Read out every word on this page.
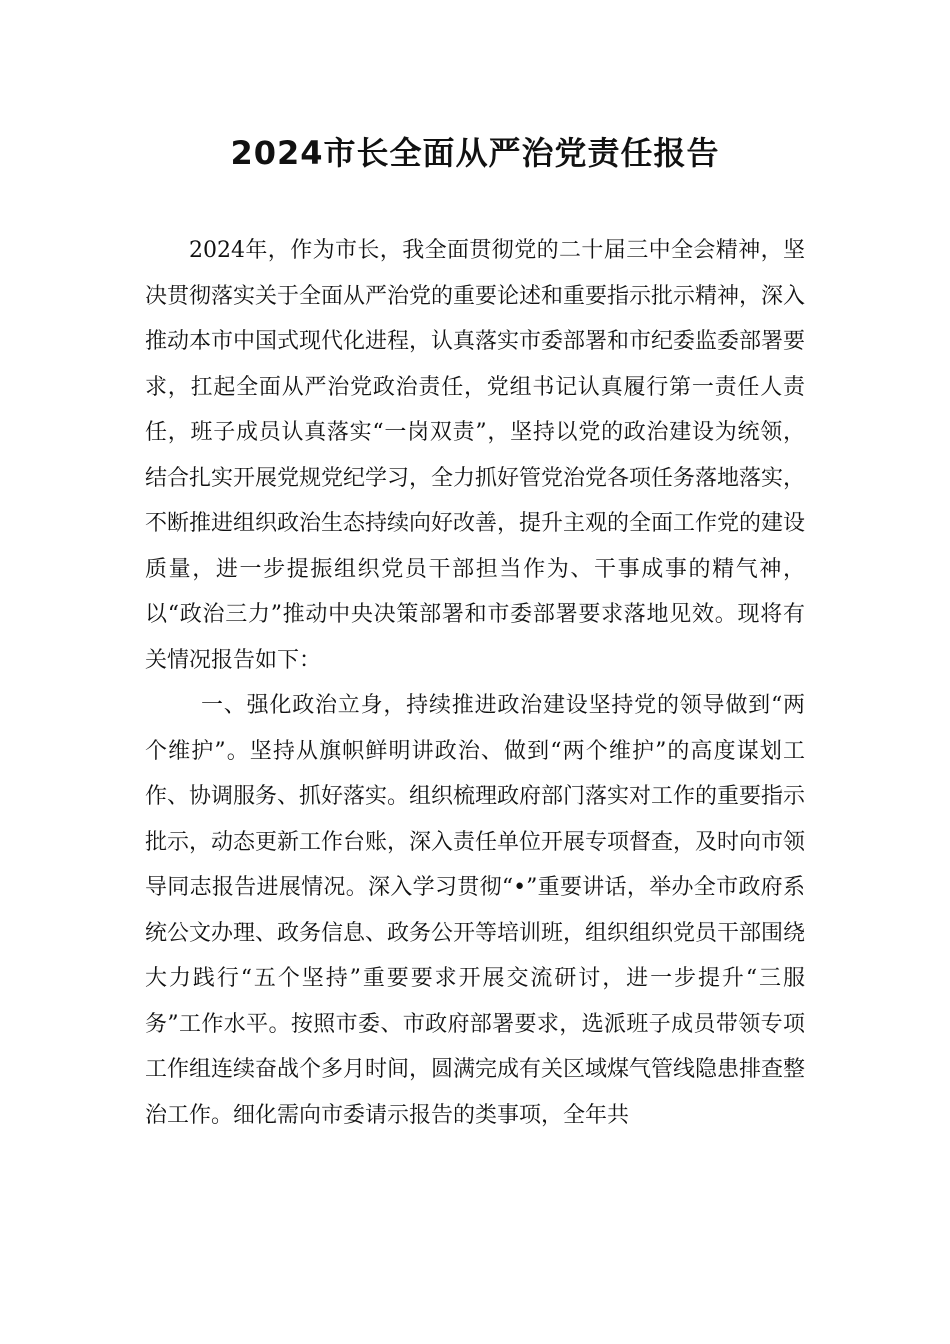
2024市长全面从严治党责任报告

2024年，作为市长，我全面贯彻党的二十届三中全会精神，坚决贯彻落实关于全面从严治党的重要论述和重要指示批示精神，深入推动本市中国式现代化进程，认真落实市委部署和市纪委监委部署要求，扛起全面从严治党政治责任，党组书记认真履行第一责任人责任，班子成员认真落实“一岗双责”，坚持以党的政治建设为统领，结合扎实开展党规党纪学习，全力抓好管党治党各项任务落地落实，不断推进组织政治生态持续向好改善，提升主观的全面工作党的建设质量，进一步提振组织党员干部担当作为、干事成事的精气神，以“政治三力”推动中央决策部署和市委部署要求落地见效。现将有关情况报告如下：

一、强化政治立身，持续推进政治建设坚持党的领导做到“两个维护”。坚持从旗帜鲜明讲政治、做到“两个维护”的高度谋划工作、协调服务、抓好落实。组织梳理政府部门落实对工作的重要指示批示，动态更新工作台账，深入责任单位开展专项督查，及时向市领导同志报告进展情况。深入学习贯彻“•”重要讲话，举办全市政府系统公文办理、政务信息、政务公开等培训班，组织组织党员干部围绕大力践行“五个坚持”重要要求开展交流研讨，进一步提升“三服务”工作水平。按照市委、市政府部署要求，选派班子成员带领专项工作组连续奋战个多月时间，圆满完成有关区域煤气管线隐患排查整治工作。细化需向市委请示报告的类事项，全年共
